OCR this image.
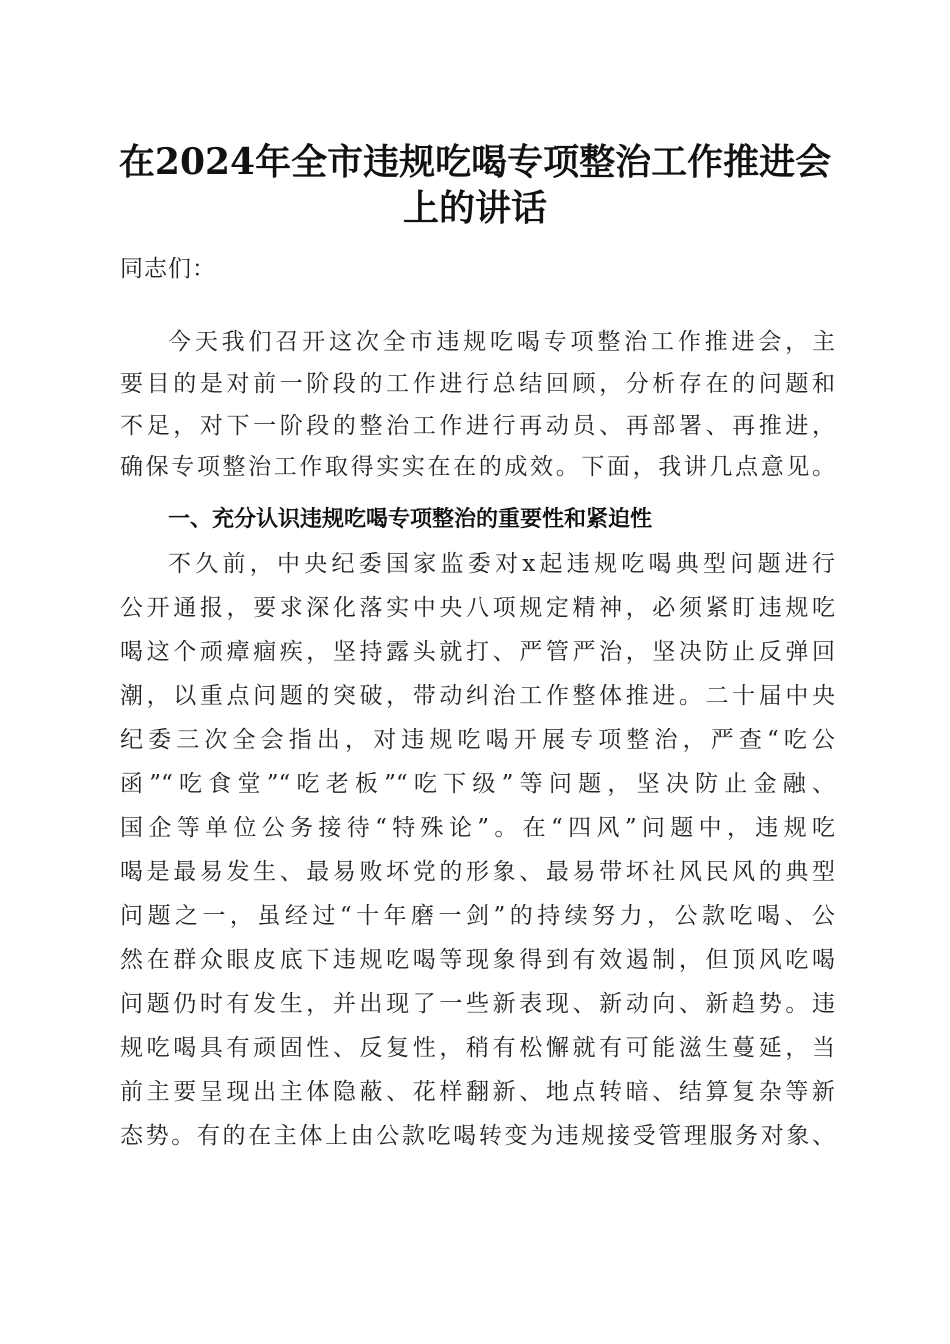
在2024年全市违规吃喝专项整治工作推进会
上的讲话
同志们：
今天我们召开这次全市违规吃喝专项整治工作推进会，主
要目的是对前一阶段的工作进行总结回顾，分析存在的问题和
不足，对下一阶段的整治工作进行再动员、再部署、再推进，
确保专项整治工作取得实实在在的成效。下面，我讲几点意见。
一、充分认识违规吃喝专项整治的重要性和紧迫性
不久前，中央纪委国家监委对x起违规吃喝典型问题进行
公开通报，要求深化落实中央八项规定精神，必须紧盯违规吃
喝这个顽瘴痼疾，坚持露头就打、严管严治，坚决防止反弹回
潮，以重点问题的突破，带动纠治工作整体推进。二十届中央
纪委三次全会指出，对违规吃喝开展专项整治，严查“吃公
函”“吃食堂”“吃老板”“吃下级”等问题，坚决防止金融、
国企等单位公务接待“特殊论”。在“四风”问题中，违规吃
喝是最易发生、最易败坏党的形象、最易带坏社风民风的典型
问题之一，虽经过“十年磨一剑”的持续努力，公款吃喝、公
然在群众眼皮底下违规吃喝等现象得到有效遏制，但顶风吃喝
问题仍时有发生，并出现了一些新表现、新动向、新趋势。违
规吃喝具有顽固性、反复性，稍有松懈就有可能滋生蔓延，当
前主要呈现出主体隐蔽、花样翻新、地点转暗、结算复杂等新
态势。有的在主体上由公款吃喝转变为违规接受管理服务对象、
